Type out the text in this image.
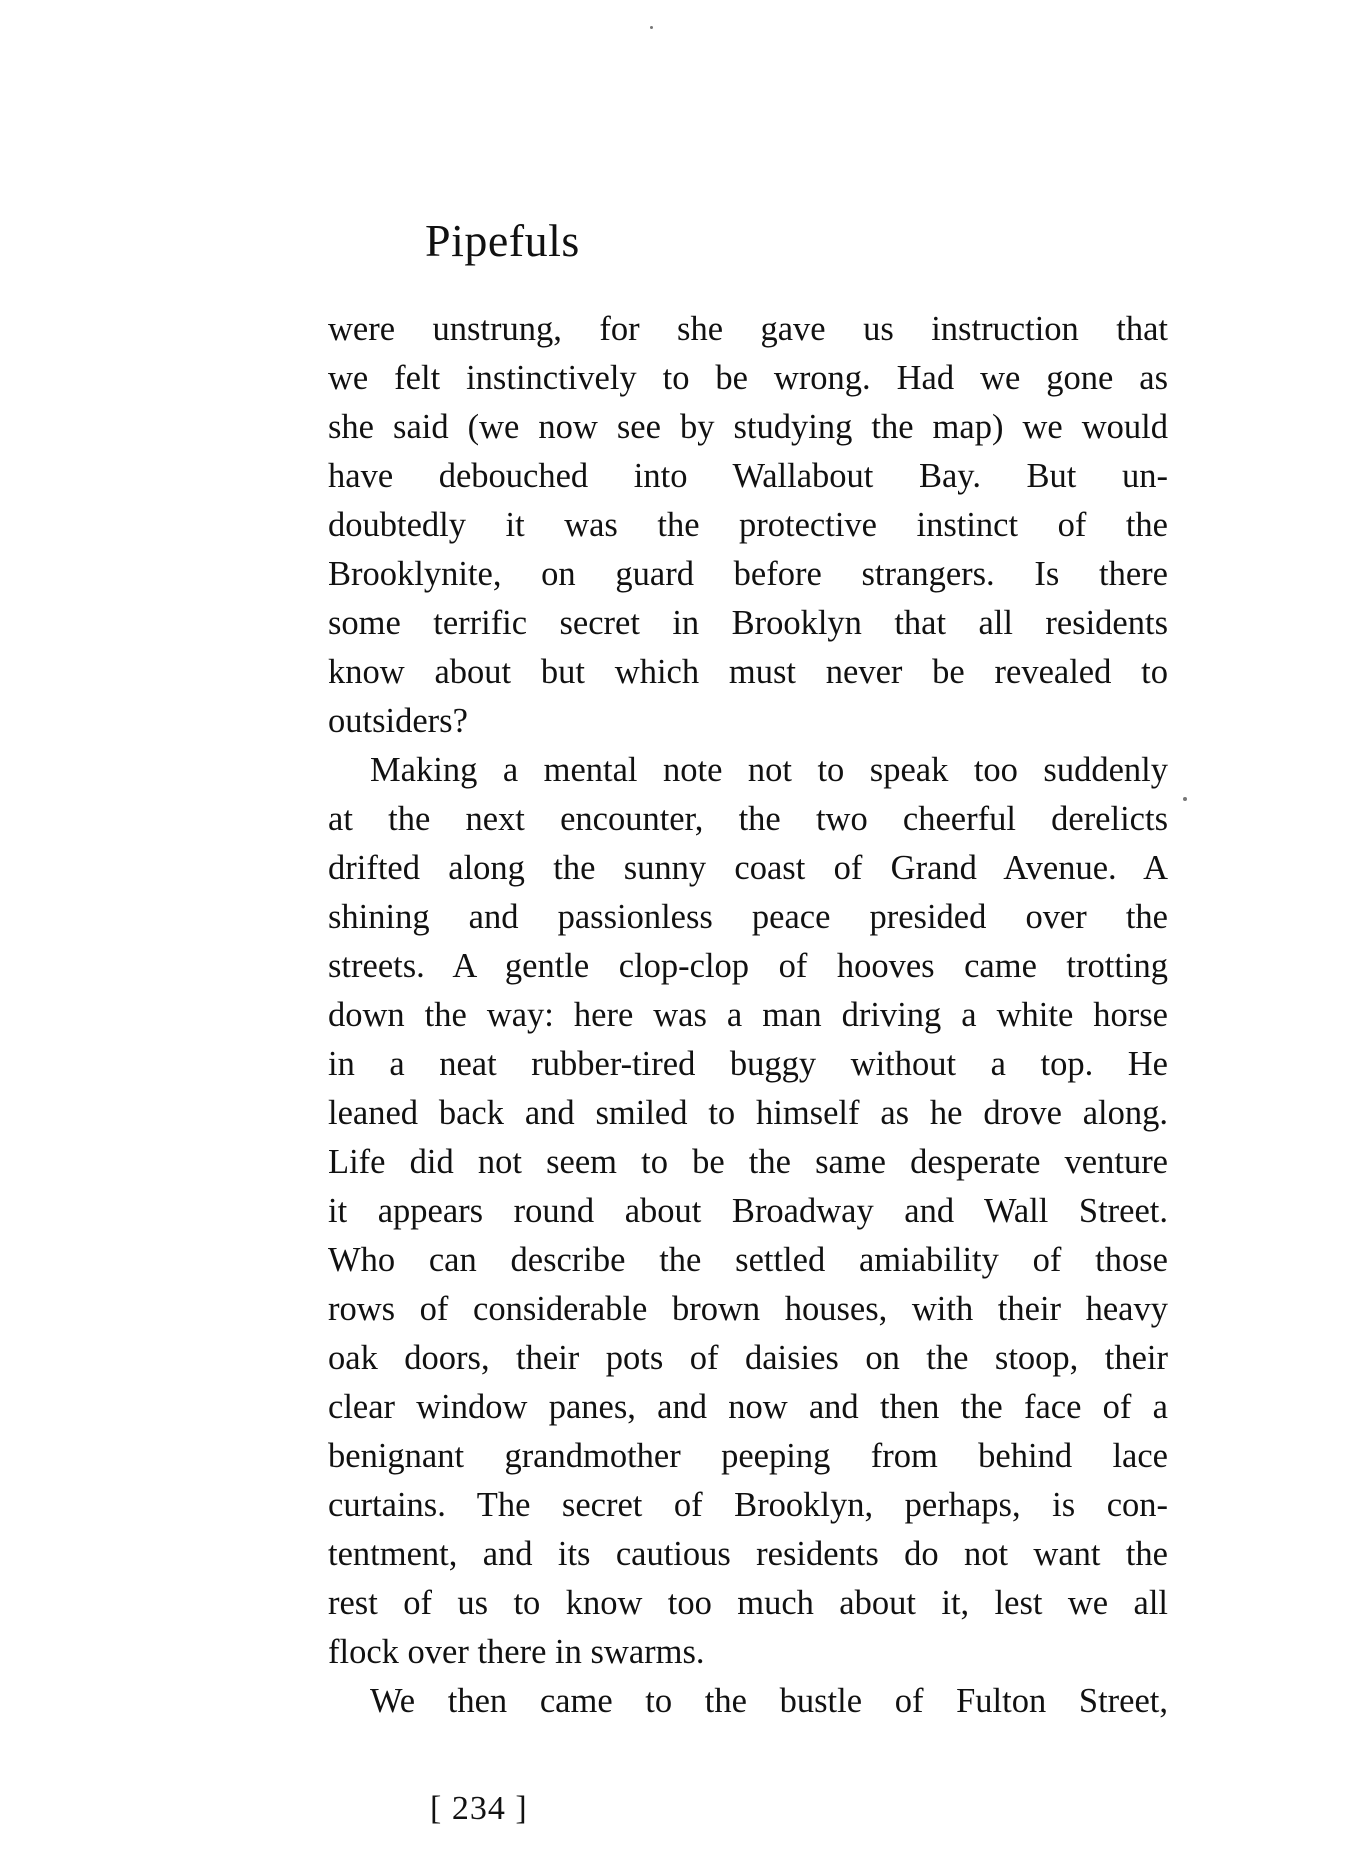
Pipefuls
were unstrung, for she gave us instruction that
we felt instinctively to be wrong. Had we gone as
she said (we now see by studying the map) we would
have debouched into Wallabout Bay. But un-
doubtedly it was the protective instinct of the
Brooklynite, on guard before strangers. Is there
some terrific secret in Brooklyn that all residents
know about but which must never be revealed to
outsiders?
Making a mental note not to speak too suddenly
at the next encounter, the two cheerful derelicts
drifted along the sunny coast of Grand Avenue. A
shining and passionless peace presided over the
streets. A gentle clop-clop of hooves came trotting
down the way: here was a man driving a white horse
in a neat rubber-tired buggy without a top. He
leaned back and smiled to himself as he drove along.
Life did not seem to be the same desperate venture
it appears round about Broadway and Wall Street.
Who can describe the settled amiability of those
rows of considerable brown houses, with their heavy
oak doors, their pots of daisies on the stoop, their
clear window panes, and now and then the face of a
benignant grandmother peeping from behind lace
curtains. The secret of Brooklyn, perhaps, is con-
tentment, and its cautious residents do not want the
rest of us to know too much about it, lest we all
flock over there in swarms.
We then came to the bustle of Fulton Street,
[ 234 ]
